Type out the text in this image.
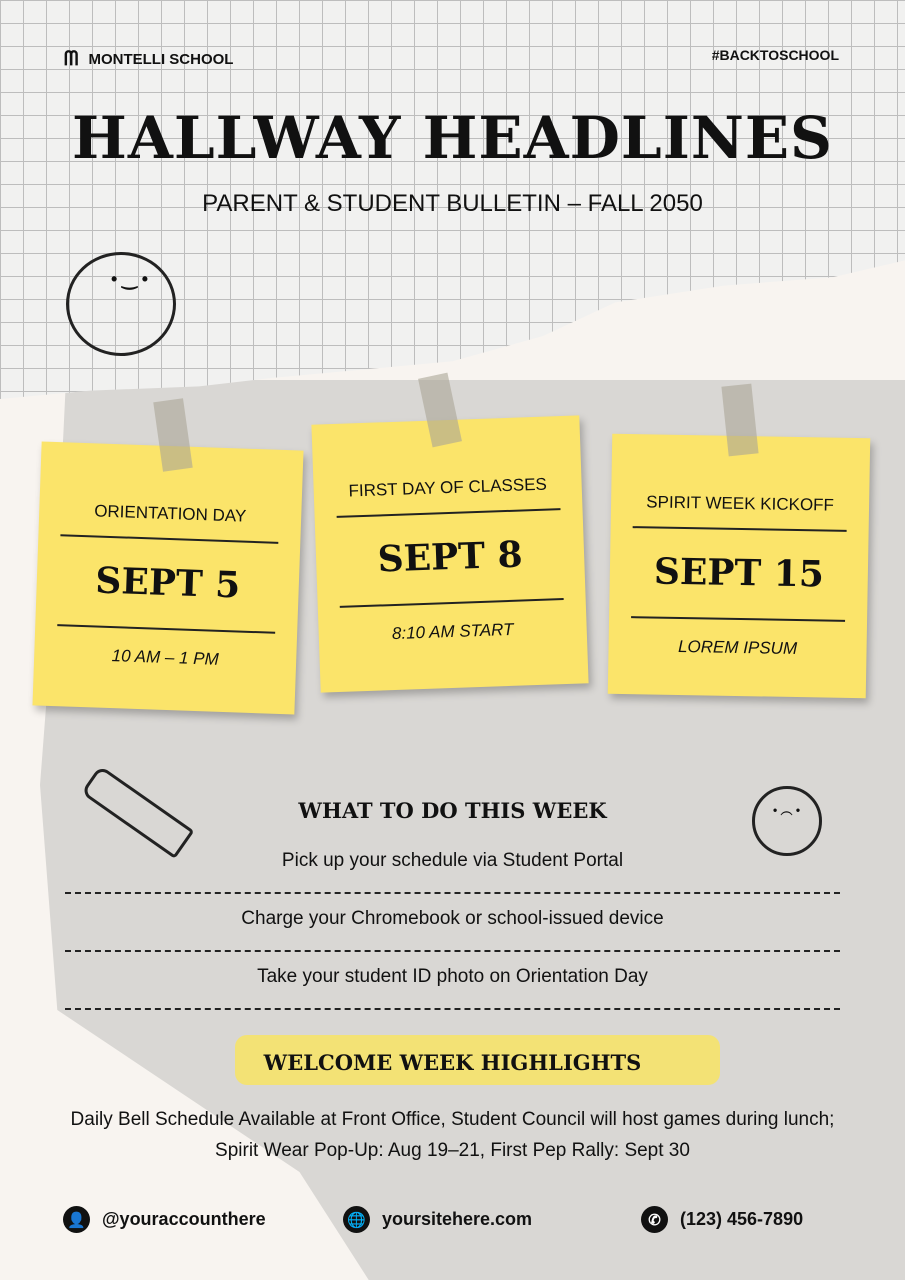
ᗰ MONTELLI SCHOOL	#BACKTOSCHOOL
HALLWAY HEADLINES
PARENT & STUDENT BULLETIN – FALL 2050
• ‿ •
ORIENTATION DAY
SEPT 5
10 AM – 1 PM
FIRST DAY OF CLASSES
SEPT 8
8:10 AM START
SPIRIT WEEK KICKOFF
SEPT 15
LOREM IPSUM
• ︵ •
WHAT TO DO THIS WEEK
Pick up your schedule via Student Portal
Charge your Chromebook or school-issued device
Take your student ID photo on Orientation Day
WELCOME WEEK HIGHLIGHTS
Daily Bell Schedule Available at Front Office, Student Council will host games during lunch; Spirit Wear Pop-Up: Aug 19–21, First Pep Rally: Sept 30
👤 @youraccounthere	🌐 yoursitehere.com	✆	(123) 456-7890
